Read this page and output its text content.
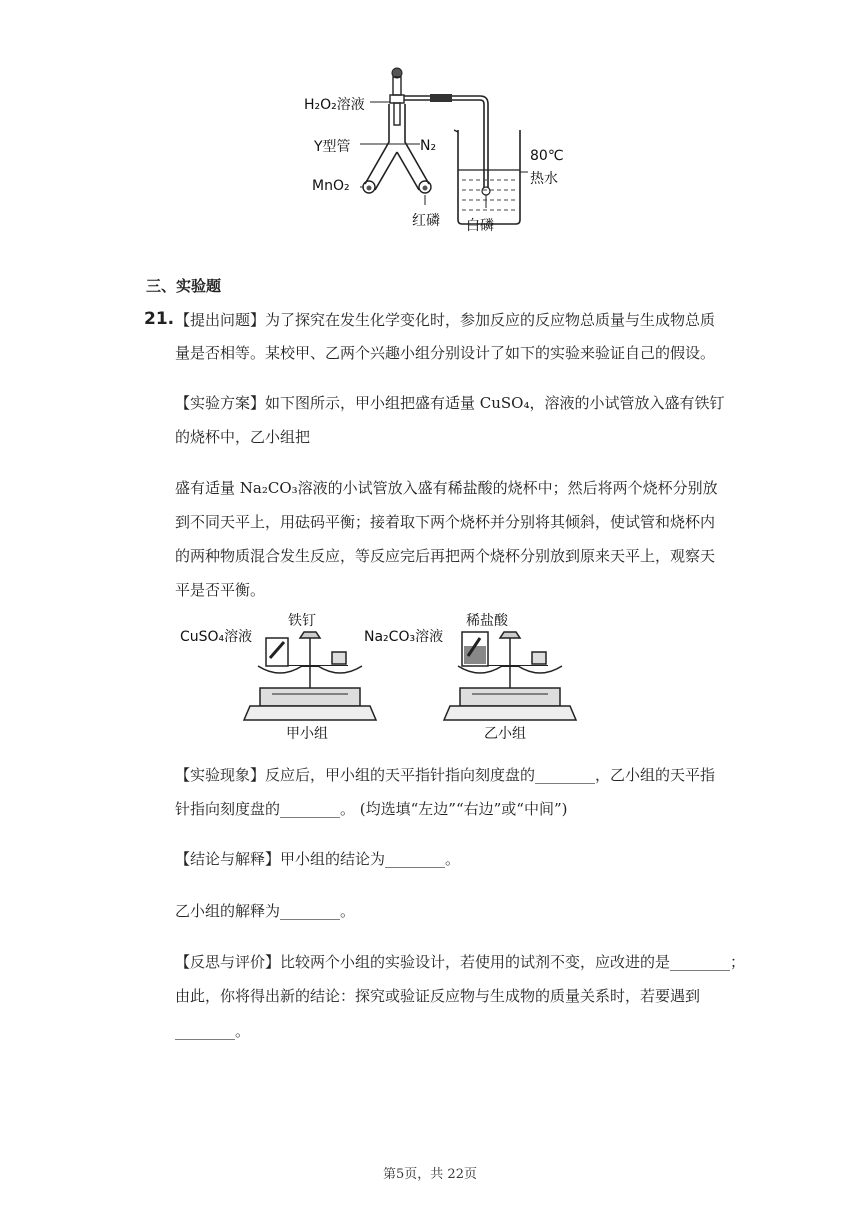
H₂O₂溶液
Y型管	N₂
MnO₂
80℃
热水
红磷 白磷
三、实验题
21. 【提出问题】为了探究在发生化学变化时，参加反应的反应物总质量与生成物总质
量是否相等。某校甲、乙两个兴趣小组分别设计了如下的实验来验证自己的假设。
【实验方案】如下图所示，甲小组把盛有适量 CuSO₄，溶液的小试管放入盛有铁钉
的烧杯中，乙小组把
盛有适量 Na₂CO₃溶液的小试管放入盛有稀盐酸的烧杯中；然后将两个烧杯分别放
到不同天平上，用砝码平衡；接着取下两个烧杯并分别将其倾斜，使试管和烧杯内
的两种物质混合发生反应，等反应完后再把两个烧杯分别放到原来天平上，观察天
平是否平衡。
CuSO₄溶液
铁钉
甲小组
Na₂CO₃溶液
稀盐酸
乙小组
【实验现象】反应后，甲小组的天平指针指向刻度盘的________，乙小组的天平指
针指向刻度盘的________。 (均选填“左边”“右边”或“中间”)
【结论与解释】甲小组的结论为________。
乙小组的解释为________。
【反思与评价】比较两个小组的实验设计，若使用的试剂不变，应改进的是________；
由此，你将得出新的结论：探究或验证反应物与生成物的质量关系时，若要遇到
________。
第5页，共 22页
